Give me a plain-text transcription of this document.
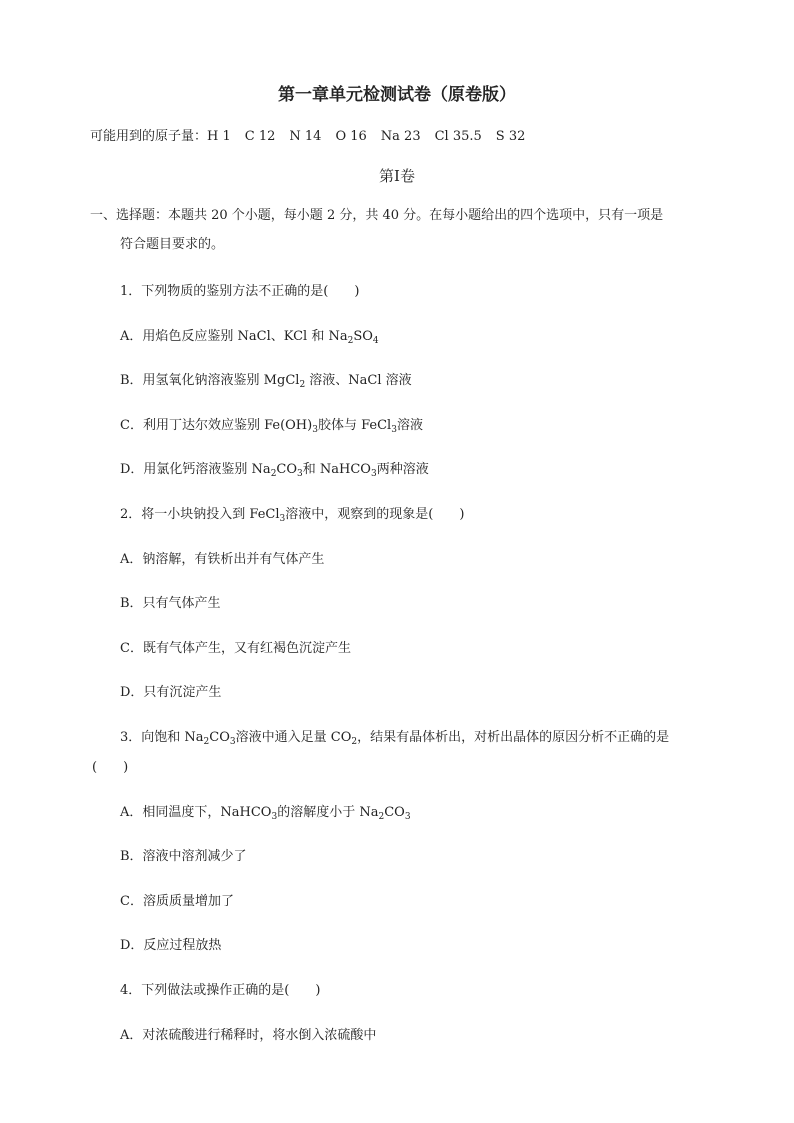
第一章单元检测试卷（原卷版）
可能用到的原子量：H 1 C 12 N 14 O 16 Na 23 Cl 35.5 S 32
第Ⅰ卷
一、选择题：本题共 20 个小题，每小题 2 分，共 40 分。在每小题给出的四个选项中，只有一项是
符合题目要求的。
1．下列物质的鉴别方法不正确的是(　　)
A．用焰色反应鉴别 NaCl、KCl 和 $Na_2SO_4$
B．用氢氧化钠溶液鉴别 MgCl$_2$ 溶液、NaCl 溶液
C．利用丁达尔效应鉴别 $Fe(OH)_3$胶体与 FeCl$_3$溶液
D．用氯化钙溶液鉴别 $Na_2CO_3$和 NaHCO$_3$两种溶液
2．将一小块钠投入到 FeCl$_3$溶液中，观察到的现象是(　　)
A．钠溶解，有铁析出并有气体产生
B．只有气体产生
C．既有气体产生，又有红褐色沉淀产生
D．只有沉淀产生
3．向饱和 $Na_2CO_3$溶液中通入足量 $CO_2$，结果有晶体析出，对析出晶体的原因分析不正确的是
(　　)
A．相同温度下，NaHCO$_3$的溶解度小于 $Na_2CO_3$
B．溶液中溶剂减少了
C．溶质质量增加了
D．反应过程放热
4．下列做法或操作正确的是(　　)
A．对浓硫酸进行稀释时，将水倒入浓硫酸中
